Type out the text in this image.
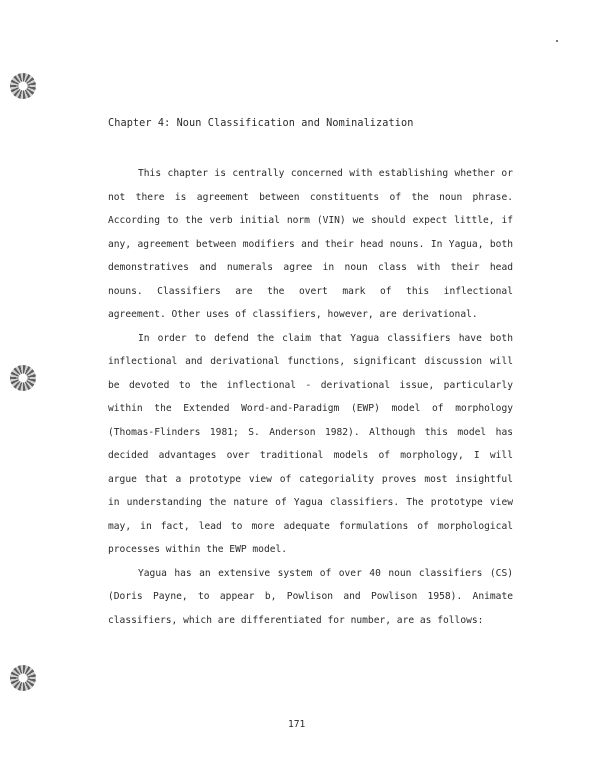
Chapter 4: Noun Classification and Nominalization
This chapter is centrally concerned with establishing whether or
not there is agreement between constituents of the noun phrase.
According to the verb initial norm (VIN) we should expect little, if
any, agreement between modifiers and their head nouns. In Yagua, both
demonstratives and numerals agree in noun class with their head
nouns. Classifiers are the overt mark of this inflectional
agreement. Other uses of classifiers, however, are derivational.
In order to defend the claim that Yagua classifiers have both
inflectional and derivational functions, significant discussion will
be devoted to the inflectional - derivational issue, particularly
within the Extended Word-and-Paradigm (EWP) model of morphology
(Thomas-Flinders 1981; S. Anderson 1982). Although this model has
decided advantages over traditional models of morphology, I will
argue that a prototype view of categoriality proves most insightful
in understanding the nature of Yagua classifiers. The prototype view
may, in fact, lead to more adequate formulations of morphological
processes within the EWP model.
Yagua has an extensive system of over 40 noun classifiers (CS)
(Doris Payne, to appear b, Powlison and Powlison 1958). Animate
classifiers, which are differentiated for number, are as follows:
171
